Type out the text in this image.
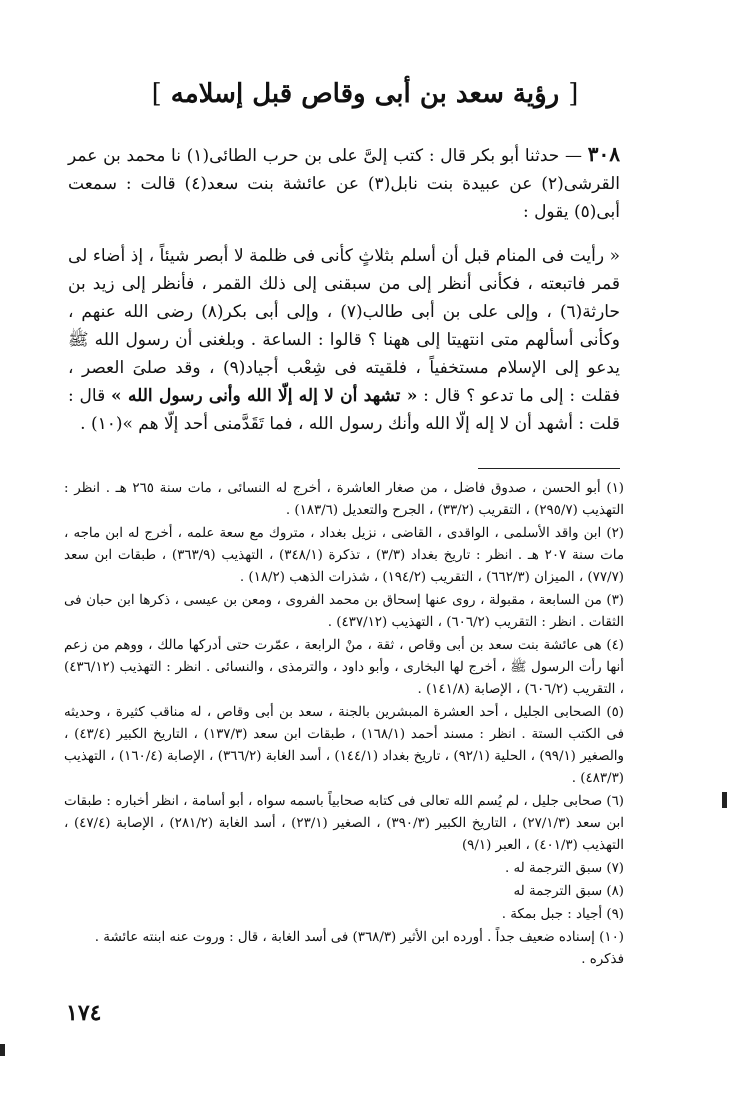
[ رؤية سعد بن أبى وقاص قبل إسلامه ]

٣٠٨ — حدثنا أبو بكر قال : كتب إلىَّ على بن حرب الطائى(١) نا محمد بن عمر القرشى(٢) عن عبيدة بنت نابل(٣) عن عائشة بنت سعد(٤) قالت : سمعت أبى(٥) يقول :

« رأيت فى المنام قبل أن أسلم بثلاثٍ كأنى فى ظلمة لا أبصر شيئاً ، إذ أضاء لى قمر فاتبعته ، فكأنى أنظر إلى من سبقنى إلى ذلك القمر ، فأنظر إلى زيد بن حارثة(٦) ، وإلى على بن أبى طالب(٧) ، وإلى أبى بكر(٨) رضى الله عنهم ، وكأنى أسألهم متى انتهيتا إلى ههنا ؟ قالوا : الساعة . وبلغنى أن رسول الله ﷺ يدعو إلى الإسلام مستخفياً ، فلقيته فى شِعْب أجياد(٩) ، وقد صلىَ العصر ، فقلت : إلى ما تدعو ؟ قال : « تشهد أن لا إله إلّا الله وأنى رسول الله » قال : قلت : أشهد أن لا إله إلّا الله وأنك رسول الله ، فما تَقَدَّمنى أحد إلّا هم »(١٠) .

(١) أبو الحسن ، صدوق فاضل ، من صغار العاشرة ، أخرج له النسائى ، مات سنة ٢٦٥ هـ . انظر : التهذيب (٢٩٥/٧) ، التقريب (٣٣/٢) ، الجرح والتعديل (١٨٣/٦) .

(٢) ابن واقد الأسلمى ، الواقدى ، القاضى ، نزيل بغداد ، متروك مع سعة علمه ، أخرج له ابن ماجه ، مات سنة ٢٠٧ هـ . انظر : تاريخ بغداد (٣/٣) ، تذكرة (٣٤٨/١) ، التهذيب (٣٦٣/٩) ، طبقات ابن سعد (٧٧/٧) ، الميزان (٦٦٢/٣) ، التقريب (١٩٤/٢) ، شذرات الذهب (١٨/٢) .

(٣) من السابعة ، مقبولة ، روى عنها إسحاق بن محمد الفروى ، ومعن بن عيسى ، ذكرها ابن حبان فى الثقات . انظر : التقريب (٦٠٦/٢) ، التهذيب (٤٣٧/١٢) .

(٤) هى عائشة بنت سعد بن أبى وقاص ، ثقة ، منْ الرابعة ، عمّرت حتى أدركها مالك ، ووهم من زعم أنها رأت الرسول ﷺ ، أخرج لها البخارى ، وأبو داود ، والترمذى ، والنسائى . انظر : التهذيب (٤٣٦/١٢) ، التقريب (٦٠٦/٢) ، الإصابة (١٤١/٨) .

(٥) الصحابى الجليل ، أحد العشرة المبشرين بالجنة ، سعد بن أبى وقاص ، له مناقب كثيرة ، وحديثه فى الكتب الستة . انظر : مسند أحمد (١٦٨/١) ، طبقات ابن سعد (١٣٧/٣) ، التاريخ الكبير (٤٣/٤) ، والصغير (٩٩/١) ، الحلية (٩٢/١) ، تاريخ بغداد (١٤٤/١) ، أسد الغابة (٣٦٦/٢) ، الإصابة (١٦٠/٤) ، التهذيب (٤٨٣/٣) .

(٦) صحابى جليل ، لم يُسم الله تعالى فى كتابه صحابياً باسمه سواه ، أبو أسامة ، انظر أخباره : طبقات ابن سعد (٢٧/١/٣) ، التاريخ الكبير (٣٩٠/٣) ، الصغير (٢٣/١) ، أسد الغابة (٢٨١/٢) ، الإصابة (٤٧/٤) ، التهذيب (٤٠١/٣) ، العبر (٩/١)

(٧) سبق الترجمة له .

(٨) سبق الترجمة له

(٩) أجياد : جبل بمكة .

(١٠) إسناده ضعيف جداً . أورده ابن الأثير (٣٦٨/٣) فى أسد الغابة ، قال : وروت عنه ابنته عائشة . فذكره .

١٧٤
